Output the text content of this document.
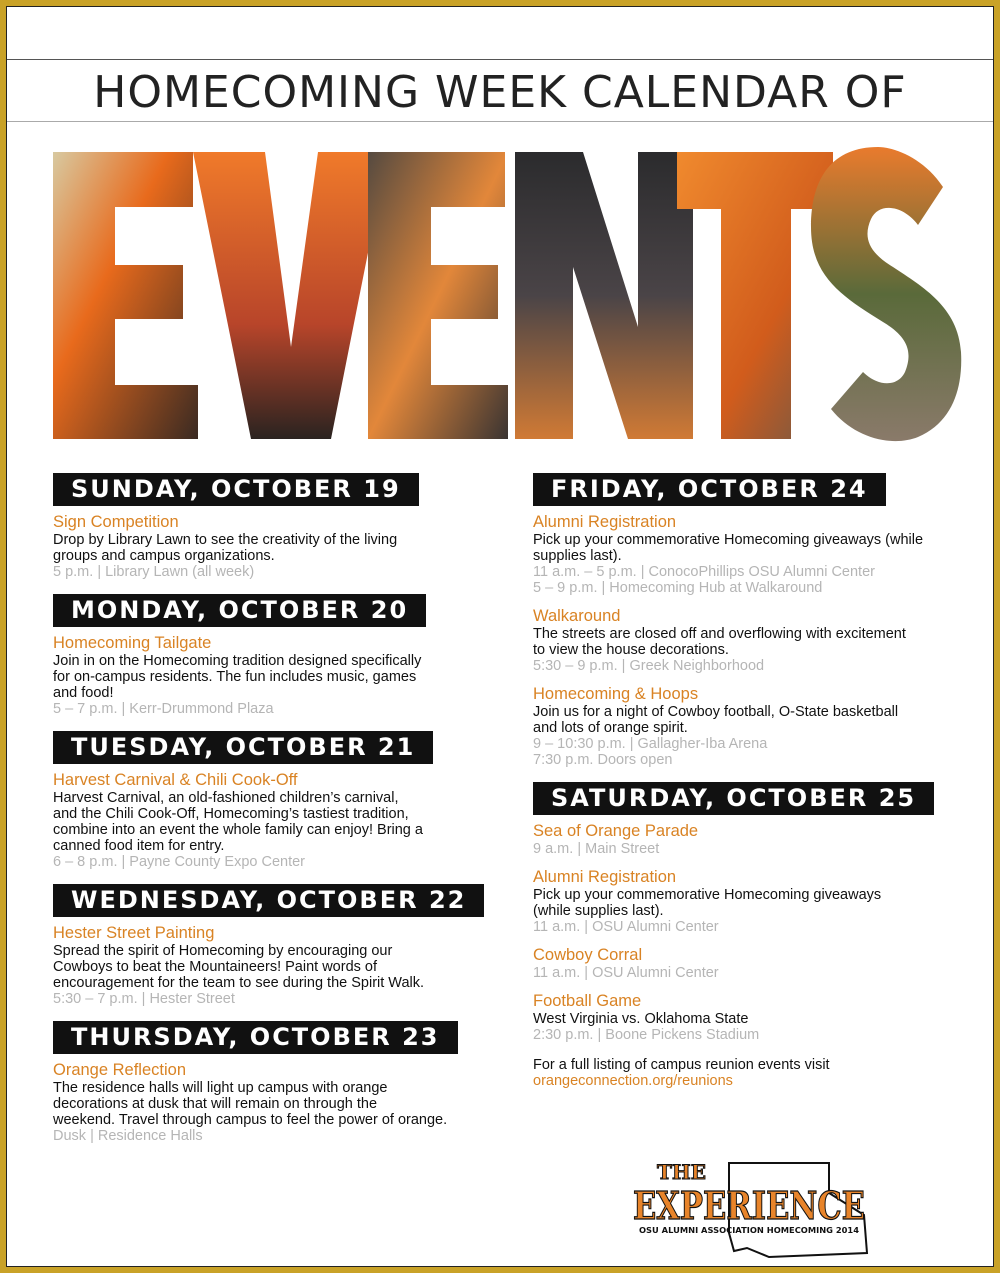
HOMECOMING WEEK CALENDAR OF
SUNDAY, OCTOBER 19
Sign Competition
Drop by Library Lawn to see the creativity of the living
groups and campus organizations.
5 p.m. | Library Lawn (all week)
MONDAY, OCTOBER 20
Homecoming Tailgate
Join in on the Homecoming tradition designed specifically
for on-campus residents. The fun includes music, games
and food!
5 – 7 p.m. | Kerr-Drummond Plaza
TUESDAY, OCTOBER 21
Harvest Carnival & Chili Cook-Off
Harvest Carnival, an old-fashioned children’s carnival,
and the Chili Cook-Off, Homecoming’s tastiest tradition,
combine into an event the whole family can enjoy! Bring a
canned food item for entry.
6 – 8 p.m. | Payne County Expo Center
WEDNESDAY, OCTOBER 22
Hester Street Painting
Spread the spirit of Homecoming by encouraging our
Cowboys to beat the Mountaineers! Paint words of
encouragement for the team to see during the Spirit Walk.
5:30 – 7 p.m. | Hester Street
THURSDAY, OCTOBER 23
Orange Reflection
The residence halls will light up campus with orange
decorations at dusk that will remain on through the
weekend. Travel through campus to feel the power of orange.
Dusk | Residence Halls
FRIDAY, OCTOBER 24
Alumni Registration
Pick up your commemorative Homecoming giveaways (while
supplies last).
11 a.m. – 5 p.m. | ConocoPhillips OSU Alumni Center
5 – 9 p.m. | Homecoming Hub at Walkaround
Walkaround
The streets are closed off and overflowing with excitement
to view the house decorations.
5:30 – 9 p.m. | Greek Neighborhood
Homecoming & Hoops
Join us for a night of Cowboy football, O-State basketball
and lots of orange spirit.
9 – 10:30 p.m. | Gallagher-Iba Arena
7:30 p.m. Doors open
SATURDAY, OCTOBER 25
Sea of Orange Parade
9 a.m. | Main Street
Alumni Registration
Pick up your commemorative Homecoming giveaways
(while supplies last).
11 a.m. | OSU Alumni Center
Cowboy Corral
11 a.m. | OSU Alumni Center
Football Game
West Virginia vs. Oklahoma State
2:30 p.m. | Boone Pickens Stadium
For a full listing of campus reunion events visit
orangeconnection.org/reunions
THE
EXPERIENCE
OSU ALUMNI ASSOCIATION HOMECOMING 2014
